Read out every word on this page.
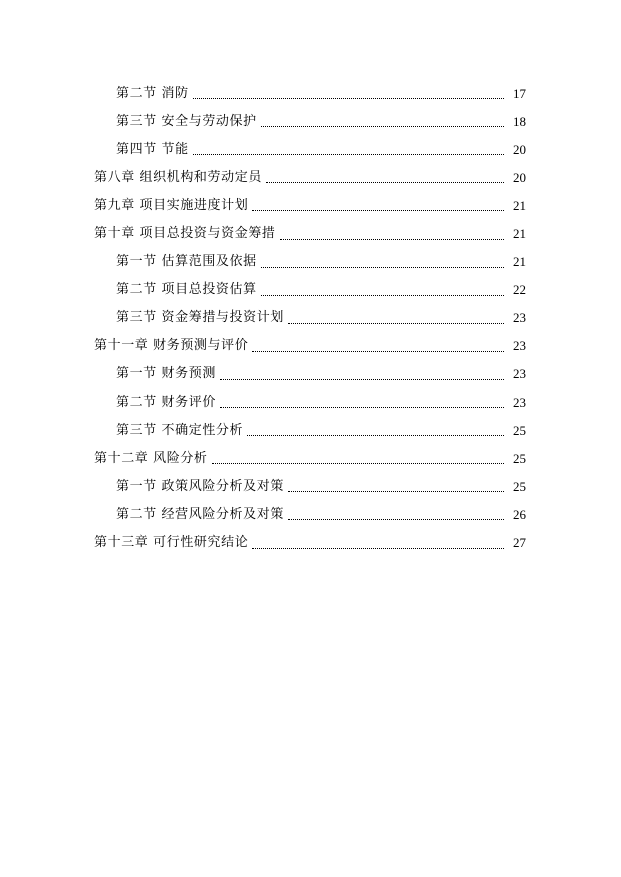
第二节 消防	17
第三节 安全与劳动保护	18
第四节 节能	20
第八章 组织机构和劳动定员	20
第九章 项目实施进度计划	21
第十章 项目总投资与资金筹措	21
第一节 估算范围及依据	21
第二节 项目总投资估算	22
第三节 资金筹措与投资计划	23
第十一章 财务预测与评价	23
第一节 财务预测	23
第二节 财务评价	23
第三节 不确定性分析	25
第十二章 风险分析	25
第一节 政策风险分析及对策	25
第二节 经营风险分析及对策	26
第十三章 可行性研究结论	27
